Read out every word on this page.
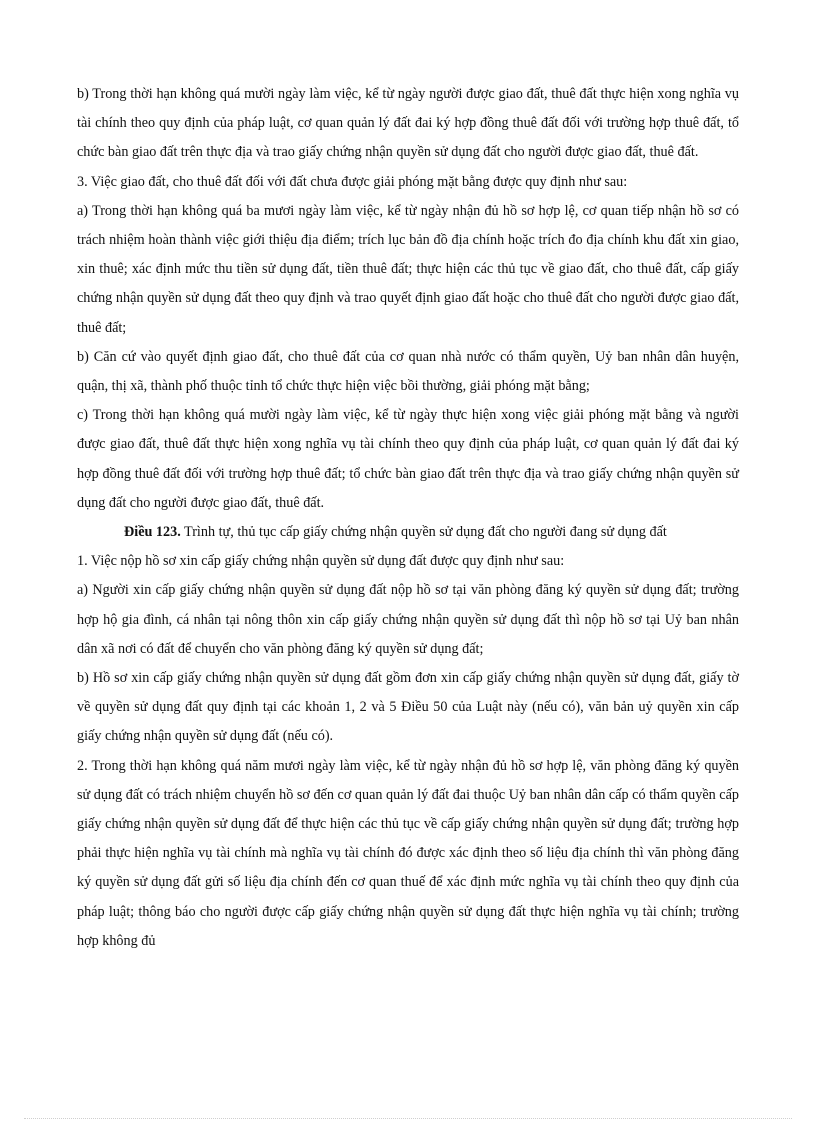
b) Trong thời hạn không quá mười ngày làm việc, kể từ ngày người được giao đất, thuê đất thực hiện xong nghĩa vụ tài chính theo quy định của pháp luật, cơ quan quản lý đất đai ký hợp đồng thuê đất đối với trường hợp thuê đất, tổ chức bàn giao đất trên thực địa và trao giấy chứng nhận quyền sử dụng đất cho người được giao đất, thuê đất.

3. Việc giao đất, cho thuê đất đối với đất chưa được giải phóng mặt bằng được quy định như sau:

a) Trong thời hạn không quá ba mươi ngày làm việc, kể từ ngày nhận đủ hồ sơ hợp lệ, cơ quan tiếp nhận hồ sơ có trách nhiệm hoàn thành việc giới thiệu địa điểm; trích lục bản đồ địa chính hoặc trích đo địa chính khu đất xin giao, xin thuê; xác định mức thu tiền sử dụng đất, tiền thuê đất; thực hiện các thủ tục về giao đất, cho thuê đất, cấp giấy chứng nhận quyền sử dụng đất theo quy định và trao quyết định giao đất hoặc cho thuê đất cho người được giao đất, thuê đất;

b) Căn cứ vào quyết định giao đất, cho thuê đất của cơ quan nhà nước có thẩm quyền, Uỷ ban nhân dân huyện, quận, thị xã, thành phố thuộc tỉnh tổ chức thực hiện việc bồi thường, giải phóng mặt bằng;

c) Trong thời hạn không quá mười ngày làm việc, kể từ ngày thực hiện xong việc giải phóng mặt bằng và người được giao đất, thuê đất thực hiện xong nghĩa vụ tài chính theo quy định của pháp luật, cơ quan quản lý đất đai ký hợp đồng thuê đất đối với trường hợp thuê đất; tổ chức bàn giao đất trên thực địa và trao giấy chứng nhận quyền sử dụng đất cho người được giao đất, thuê đất.

Điều 123. Trình tự, thủ tục cấp giấy chứng nhận quyền sử dụng đất cho người đang sử dụng đất

1. Việc nộp hồ sơ xin cấp giấy chứng nhận quyền sử dụng đất được quy định như sau:

a) Người xin cấp giấy chứng nhận quyền sử dụng đất nộp hồ sơ tại văn phòng đăng ký quyền sử dụng đất; trường hợp hộ gia đình, cá nhân tại nông thôn xin cấp giấy chứng nhận quyền sử dụng đất thì nộp hồ sơ tại Uỷ ban nhân dân xã nơi có đất để chuyển cho văn phòng đăng ký quyền sử dụng đất;

b) Hồ sơ xin cấp giấy chứng nhận quyền sử dụng đất gồm đơn xin cấp giấy chứng nhận quyền sử dụng đất, giấy tờ về quyền sử dụng đất quy định tại các khoản 1, 2 và 5 Điều 50 của Luật này (nếu có), văn bản uỷ quyền xin cấp giấy chứng nhận quyền sử dụng đất (nếu có).

2. Trong thời hạn không quá năm mươi ngày làm việc, kể từ ngày nhận đủ hồ sơ hợp lệ, văn phòng đăng ký quyền sử dụng đất có trách nhiệm chuyển hồ sơ đến cơ quan quản lý đất đai thuộc Uỷ ban nhân dân cấp có thẩm quyền cấp giấy chứng nhận quyền sử dụng đất để thực hiện các thủ tục về cấp giấy chứng nhận quyền sử dụng đất; trường hợp phải thực hiện nghĩa vụ tài chính mà nghĩa vụ tài chính đó được xác định theo số liệu địa chính thì văn phòng đăng ký quyền sử dụng đất gửi số liệu địa chính đến cơ quan thuế để xác định mức nghĩa vụ tài chính theo quy định của pháp luật; thông báo cho người được cấp giấy chứng nhận quyền sử dụng đất thực hiện nghĩa vụ tài chính; trường hợp không đủ
